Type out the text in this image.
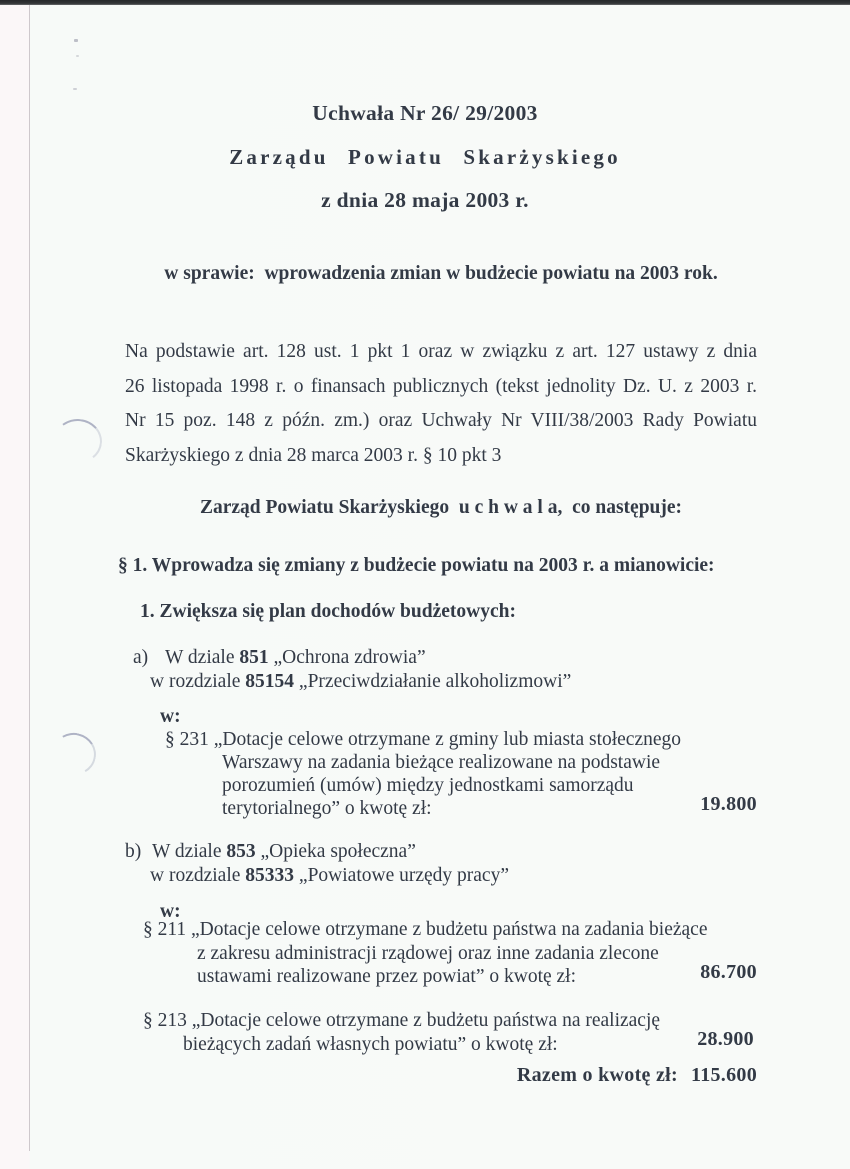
Uchwała Nr 26/ 29/2003
Zarządu Powiatu Skarżyskiego
z dnia 28 maja 2003 r.
w sprawie:  wprowadzenia zmian w budżecie powiatu na 2003 rok.
Na podstawie art. 128 ust. 1 pkt 1 oraz w związku z art. 127 ustawy z dnia
26 listopada 1998 r. o finansach publicznych (tekst jednolity Dz. U. z 2003 r.
Nr 15 poz. 148 z późn. zm.) oraz Uchwały Nr VIII/38/2003 Rady Powiatu
Skarżyskiego z dnia 28 marca 2003 r. § 10 pkt 3
Zarząd Powiatu Skarżyskiego  u c h w a l a,  co następuje:
§ 1. Wprowadza się zmiany z budżecie powiatu na 2003 r. a mianowicie:
1. Zwiększa się plan dochodów budżetowych:
a) W dziale 851 „Ochrona zdrowia”
w rozdziale 85154 „Przeciwdziałanie alkoholizmowi”
w:
§ 231 „Dotacje celowe otrzymane z gminy lub miasta stołecznego
Warszawy na zadania bieżące realizowane na podstawie
porozumień (umów) między jednostkami samorządu
terytorialnego” o kwotę zł:	19.800
b) W dziale 853 „Opieka społeczna”
w rozdziale 85333 „Powiatowe urzędy pracy”
w:
§ 211 „Dotacje celowe otrzymane z budżetu państwa na zadania bieżące
z zakresu administracji rządowej oraz inne zadania zlecone
ustawami realizowane przez powiat” o kwotę zł:	86.700
§ 213 „Dotacje celowe otrzymane z budżetu państwa na realizację
bieżących zadań własnych powiatu” o kwotę zł:	28.900
Razem o kwotę zł: 115.600
